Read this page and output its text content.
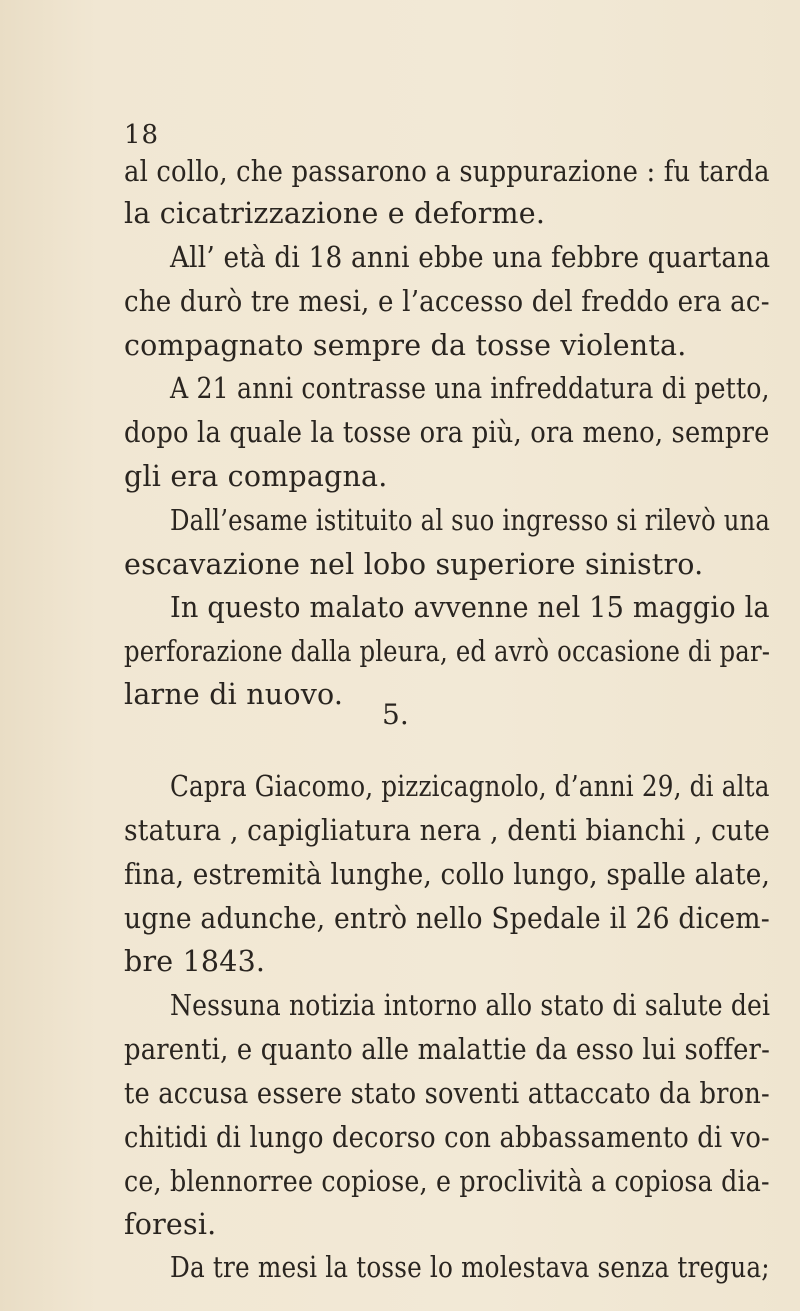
18
al collo, che passarono a suppurazione : fu tarda
la cicatrizzazione e deforme.
All’ età di 18 anni ebbe una febbre quartana
che durò tre mesi, e l’accesso del freddo era ac-
compagnato sempre da tosse violenta.
A 21 anni contrasse una infreddatura di petto,
dopo la quale la tosse ora più, ora meno, sempre
gli era compagna.
Dall’esame istituito al suo ingresso si rilevò una
escavazione nel lobo superiore sinistro.
In questo malato avvenne nel 15 maggio la
perforazione dalla pleura, ed avrò occasione di par-
larne di nuovo.
5.
Capra Giacomo, pizzicagnolo, d’anni 29, di alta
statura , capigliatura nera , denti bianchi , cute
fina, estremità lunghe, collo lungo, spalle alate,
ugne adunche, entrò nello Spedale il 26 dicem-
bre 1843.
Nessuna notizia intorno allo stato di salute dei
parenti, e quanto alle malattie da esso lui soffer-
te accusa essere stato soventi attaccato da bron-
chitidi di lungo decorso con abbassamento di vo-
ce, blennorree copiose, e proclività a copiosa dia-
foresi.
Da tre mesi la tosse lo molestava senza tregua;
